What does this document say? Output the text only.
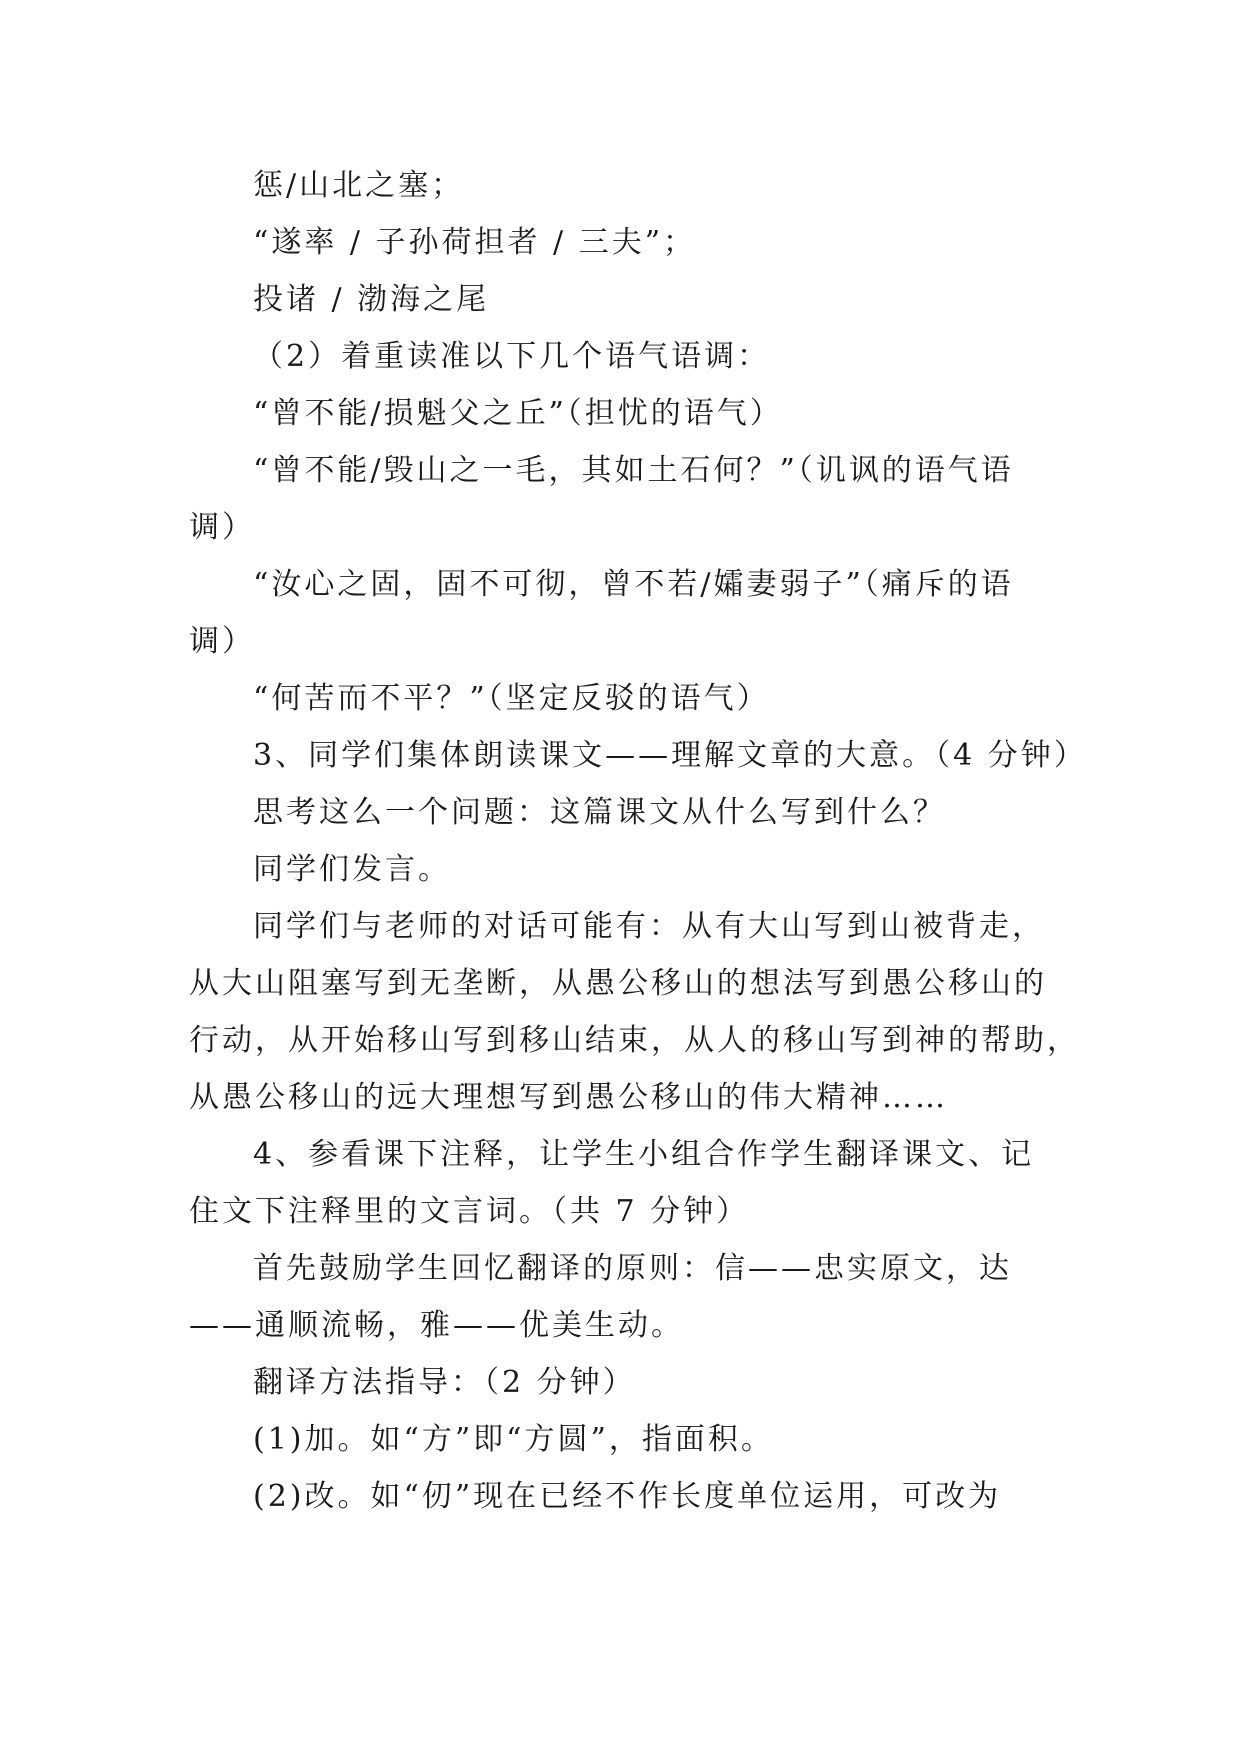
惩/山北之塞；
“遂率 / 子孙荷担者 / 三夫”；
投诸 / 渤海之尾
（2）着重读准以下几个语气语调：
“曾不能/损魁父之丘”（担忧的语气）
“曾不能/毁山之一毛，其如土石何？”（讥讽的语气语
调）
“汝心之固，固不可彻，曾不若/孀妻弱子”（痛斥的语
调）
“何苦而不平？”（坚定反驳的语气）
3、同学们集体朗读课文——理解文章的大意。（4 分钟）
思考这么一个问题：这篇课文从什么写到什么？
同学们发言。
同学们与老师的对话可能有：从有大山写到山被背走，
从大山阻塞写到无垄断，从愚公移山的想法写到愚公移山的
行动，从开始移山写到移山结束，从人的移山写到神的帮助，
从愚公移山的远大理想写到愚公移山的伟大精神……
4、参看课下注释，让学生小组合作学生翻译课文、记
住文下注释里的文言词。（共 7 分钟）
首先鼓励学生回忆翻译的原则：信——忠实原文，达
——通顺流畅，雅——优美生动。
翻译方法指导：（2 分钟）
(1)加。如“方”即“方圆”，指面积。
(2)改。如“仞”现在已经不作长度单位运用，可改为
